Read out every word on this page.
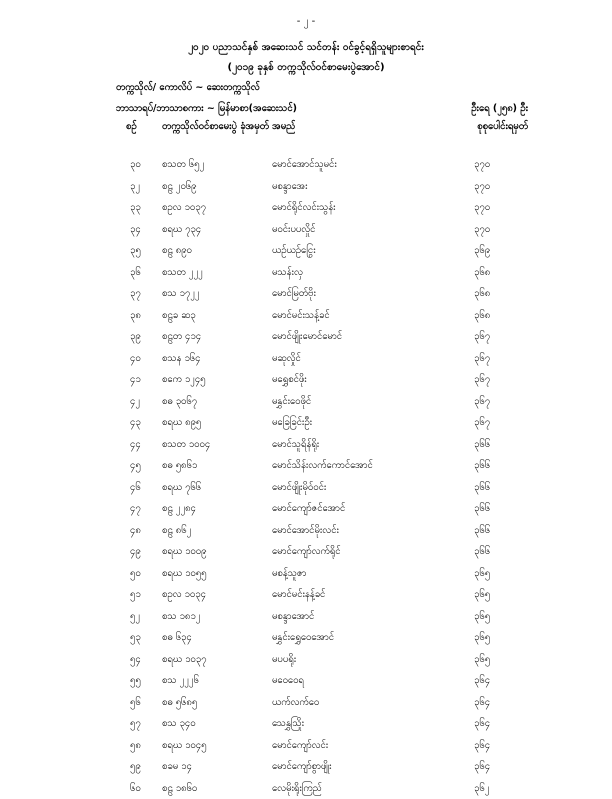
- ၂ -
၂၀၂၀ ပညာသင်နှစ် အဆေးသင် သင်တန်း ဝင်ခွင့်ရရှိသူများစာရင်း
(၂၀၁၉ ခုနှစ် တက္ကသိုလ်ဝင်စာမေးပွဲအောင်)
တက္ကသိုလ်/ ကောလိပ် ~ ဆေးတက္ကသိုလ်
ဘာသာရပ်/ဘာသာစကား ~ မြန်မာစာ(အဆေးသင်)	ဦးရေ (၂၅၈) ဦး
စဉ်	တက္ကသိုလ်ဝင်စာမေးပွဲ ခုံအမှတ် အမည်	စုစုပေါင်းရမှတ်
၃၀ စသတ ၆၅၂	မောင်အောင်သူမင်း	၃၇၀
၃၂ စဠ ၂၀၆၉	မစန္ဒာအေး	၃၇၀
၃၃ စဥလ ၁၀၃၇	မောင်ရိုင်လင်းသွန်း	၃၇၀
၃၄ စရဃ ၇၃၄	မဝင်းပပလှိုင်	၃၇၀
၃၅ စဠ ၈၉၀	ယဉ်ယဉ်ငြွေး	၃၆၉
၃၆ စသတ ၂၂၂	မသန်းလှ	၃၆၈
၃၇ စသ ၁၇၂၂	မောင်မြတ်ဗိုး	၃၆၈
၃၈ စဠခ ဆ၃	မောင်မင်းသန့်ခင်	၃၆၈
၃၉ စဠတ ၄၁၄	မောင်ဖျိုးမောင်မောင်	၃၆၇
၄၀ စသန ၁၆၄	မဆုလှိုင်	၃၆၇
၄၁ စကေ ၁၂၄၅	မရွှေစင်ဖိုး	၃၆၇
၄၂ စဓ ၃၀၆၇	မနွှင်းဝေဖိုင်	၃၆၇
၄၃ စရဃ ၈၉၅	မခြေခြင်းဦး	၃၆၇
၄၄ စသတ ၁၀၀၄	မောင်သူရိန်ရိုး	၃၆၆
၄၅ စဓ ၅၈၆၁	မောင်သိန်းလက်ကောင်အောင်	၃၆၆
၄၆ စရဃ ၇၆၆	မောင်ဖျိုးမိုဝ်ဝင်း	၃၆၆
၄၇ စဠ ၂၂၈၄	မောင်ကျော်ဇင်အောင်	၃၆၆
၄၈ စဠ ၈၆၂	မောင်အောင်မိုးလင်း	၃၆၆
၄၉ စရဃ ၁၀၀၉	မောင်ကျော်လက်ရိုင်	၃၆၆
၅၀ စရဃ ၁၀၅၅	မစန့်သူဇာ	၃၆၅
၅၁ စဥလ ၁၀၃၄	မောင်မင်းနန့်ခင်	၃၆၅
၅၂ စသ ၁၈၁၂	မစန္ဒာအောင်	၃၆၅
၅၃ စဓ ၆၃၄	မနွှင်းရွှေဝေအောင်	၃၆၅
၅၄ စရဃ ၁၀၃၇	မပပရိုး	၃၆၅
၅၅ စသ ၂၂၂၆	မဝေဝေရ	၃၆၄
၅၆ စဓ ၅၆၈၅	ယက်လက်ဝေ	၃၆၄
၅၇ စသ ၃၄၀	သေနွှသြိုး	၃၆၄
၅၈ စရဃ ၁၀၄၅	မောင်ကျော်လင်း	၃၆၄
၅၉ စခမ ၁၄	မောင်ကျော်စွာဖျိုး	၃၆၄
၆၀ စဠ ၁၈၆၀	လေမိုးရိုးကြည်	၃၆၂
